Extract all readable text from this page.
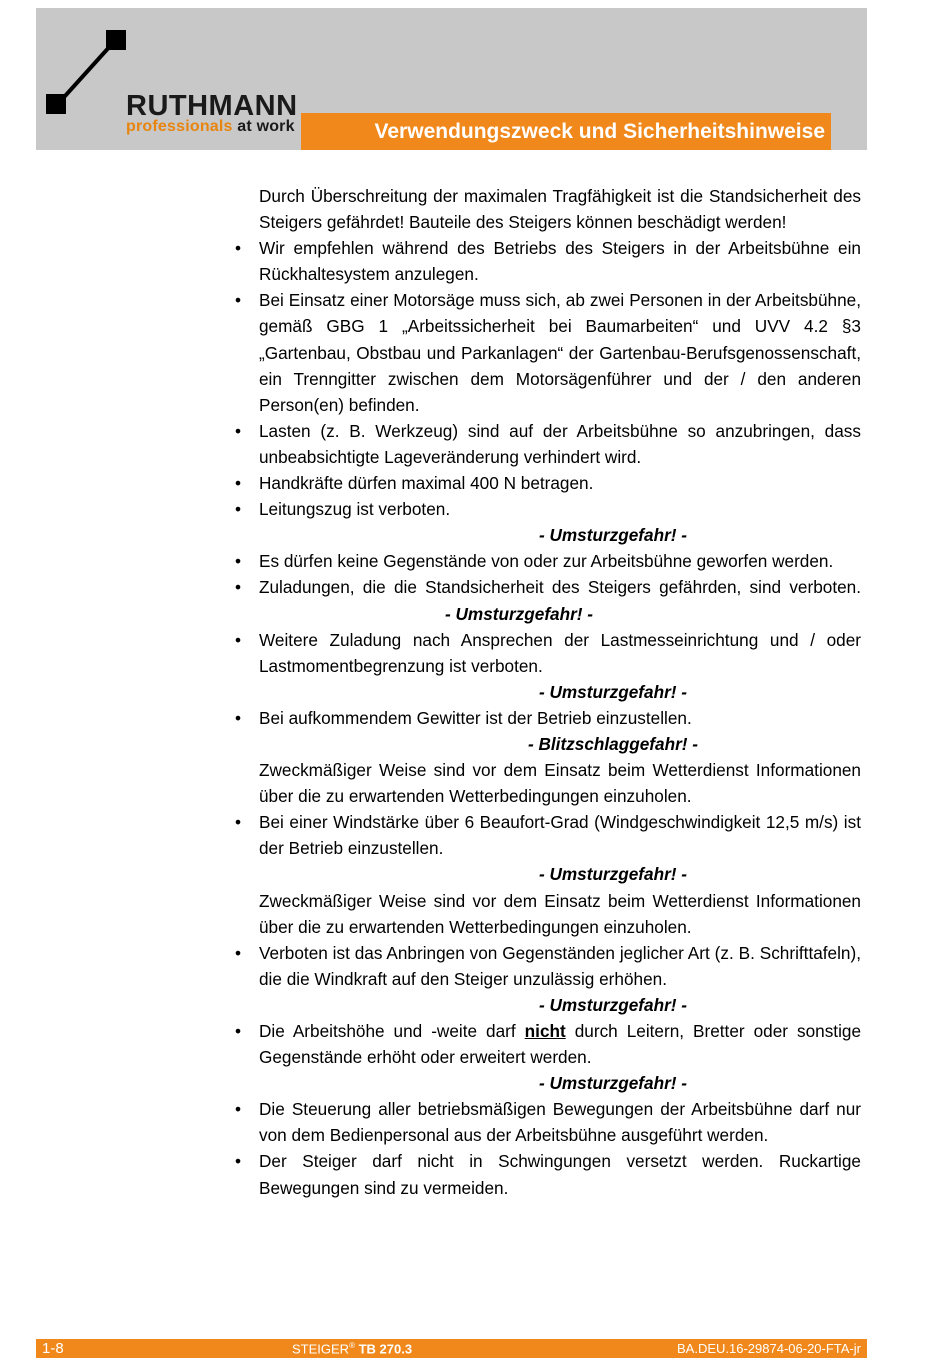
RUTHMANN
professionals at work	Verwendungszweck und Sicherheitshinweise
Durch Überschreitung der maximalen Tragfähigkeit ist die Standsicherheit des Steigers gefährdet! Bauteile des Steigers können beschädigt werden!
• Wir empfehlen während des Betriebs des Steigers in der Arbeitsbühne ein Rückhaltesystem anzulegen.
• Bei Einsatz einer Motorsäge muss sich, ab zwei Personen in der Arbeitsbühne, gemäß GBG 1 „Arbeitssicherheit bei Baumarbeiten“ und UVV 4.2 §3 „Gartenbau, Obstbau und Parkanlagen“ der Gartenbau-Berufsgenossenschaft, ein Trenngitter zwischen dem Motorsägenführer und der / den anderen Person(en) befinden.
• Lasten (z. B. Werkzeug) sind auf der Arbeitsbühne so anzubringen, dass unbeabsichtigte Lageveränderung verhindert wird.
• Handkräfte dürfen maximal 400 N betragen.
• Leitungszug ist verboten.
- Umsturzgefahr! -
• Es dürfen keine Gegenstände von oder zur Arbeitsbühne geworfen werden.
• Zuladungen, die die Standsicherheit des Steigers gefährden, sind verboten. - Umsturzgefahr! -
• Weitere Zuladung nach Ansprechen der Lastmesseinrichtung und / oder Lastmomentbegrenzung ist verboten.
- Umsturzgefahr! -
• Bei aufkommendem Gewitter ist der Betrieb einzustellen.
- Blitzschlaggefahr! -
Zweckmäßiger Weise sind vor dem Einsatz beim Wetterdienst Informationen über die zu erwartenden Wetterbedingungen einzuholen.
• Bei einer Windstärke über 6 Beaufort-Grad (Windgeschwindigkeit 12,5 m/s) ist der Betrieb einzustellen.
- Umsturzgefahr! -
Zweckmäßiger Weise sind vor dem Einsatz beim Wetterdienst Informationen über die zu erwartenden Wetterbedingungen einzuholen.
• Verboten ist das Anbringen von Gegenständen jeglicher Art (z. B. Schrifttafeln), die die Windkraft auf den Steiger unzulässig erhöhen.
- Umsturzgefahr! -
• Die Arbeitshöhe und -weite darf nicht durch Leitern, Bretter oder sonstige Gegenstände erhöht oder erweitert werden.
- Umsturzgefahr! -
• Die Steuerung aller betriebsmäßigen Bewegungen der Arbeitsbühne darf nur von dem Bedienpersonal aus der Arbeitsbühne ausgeführt werden.
• Der Steiger darf nicht in Schwingungen versetzt werden. Ruckartige Bewegungen sind zu vermeiden.
1-8	STEIGER® TB 270.3	BA.DEU.16-29874-06-20-FTA-jr
